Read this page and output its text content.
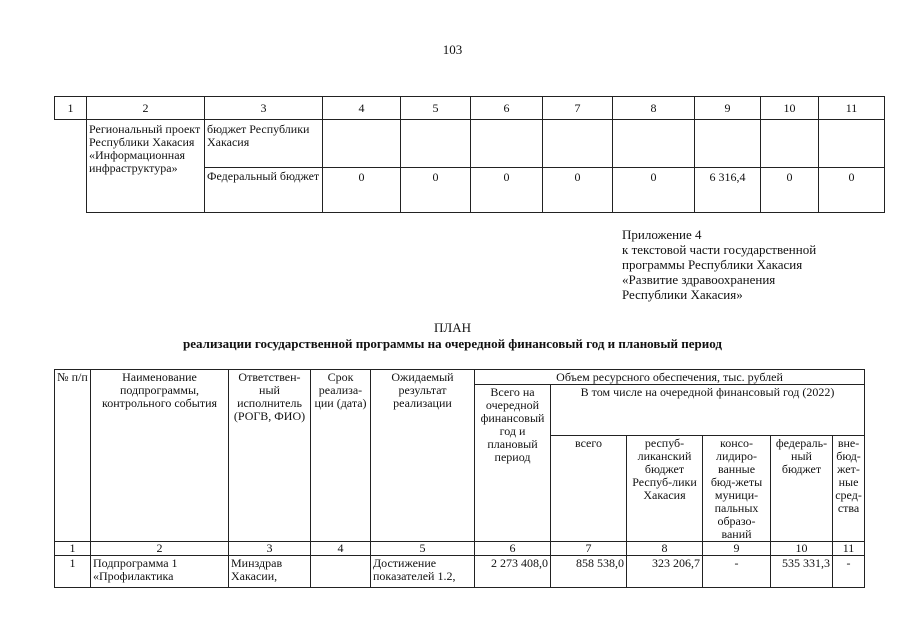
103
1	2	3	4	5	6	7	8	9	10	11
	Региональный проект Республики Хакасия «Информационная инфраструктура»	бюджет Республики Хакасия								
		Федеральный бюджет	0	0	0	0	0	6 316,4	0	0
Приложение 4
к текстовой части государственной
программы Республики Хакасия
«Развитие здравоохранения
Республики Хакасия»
ПЛАН
реализации государственной программы на очередной финансовый год и плановый период
№ п/п	Наименование подпрограммы, контрольного события	Ответствен-ный исполнитель (РОГВ, ФИО)	Срок реализа-ции (дата)	Ожидаемый результат реализации	Объем ресурсного обеспечения, тыс. рублей					
					Всего на очередной финансовый год и плановый период	В том числе на очередной финансовый год (2022)				
						всего	респуб-ликанский бюджет Респуб-лики Хакасия	консо-лидиро-ванные бюд-жеты муници-пальных образо-ваний	федераль-ный бюджет	вне-бюд-жет-ные сред-ства
1	2	3	4	5	6	7	8	9	10	11
1	Подпрограмма 1 «Профилактика	Минздрав Хакасии,		Достижение показателей 1.2,	2 273 408,0	858 538,0	323 206,7	-	535 331,3	-
